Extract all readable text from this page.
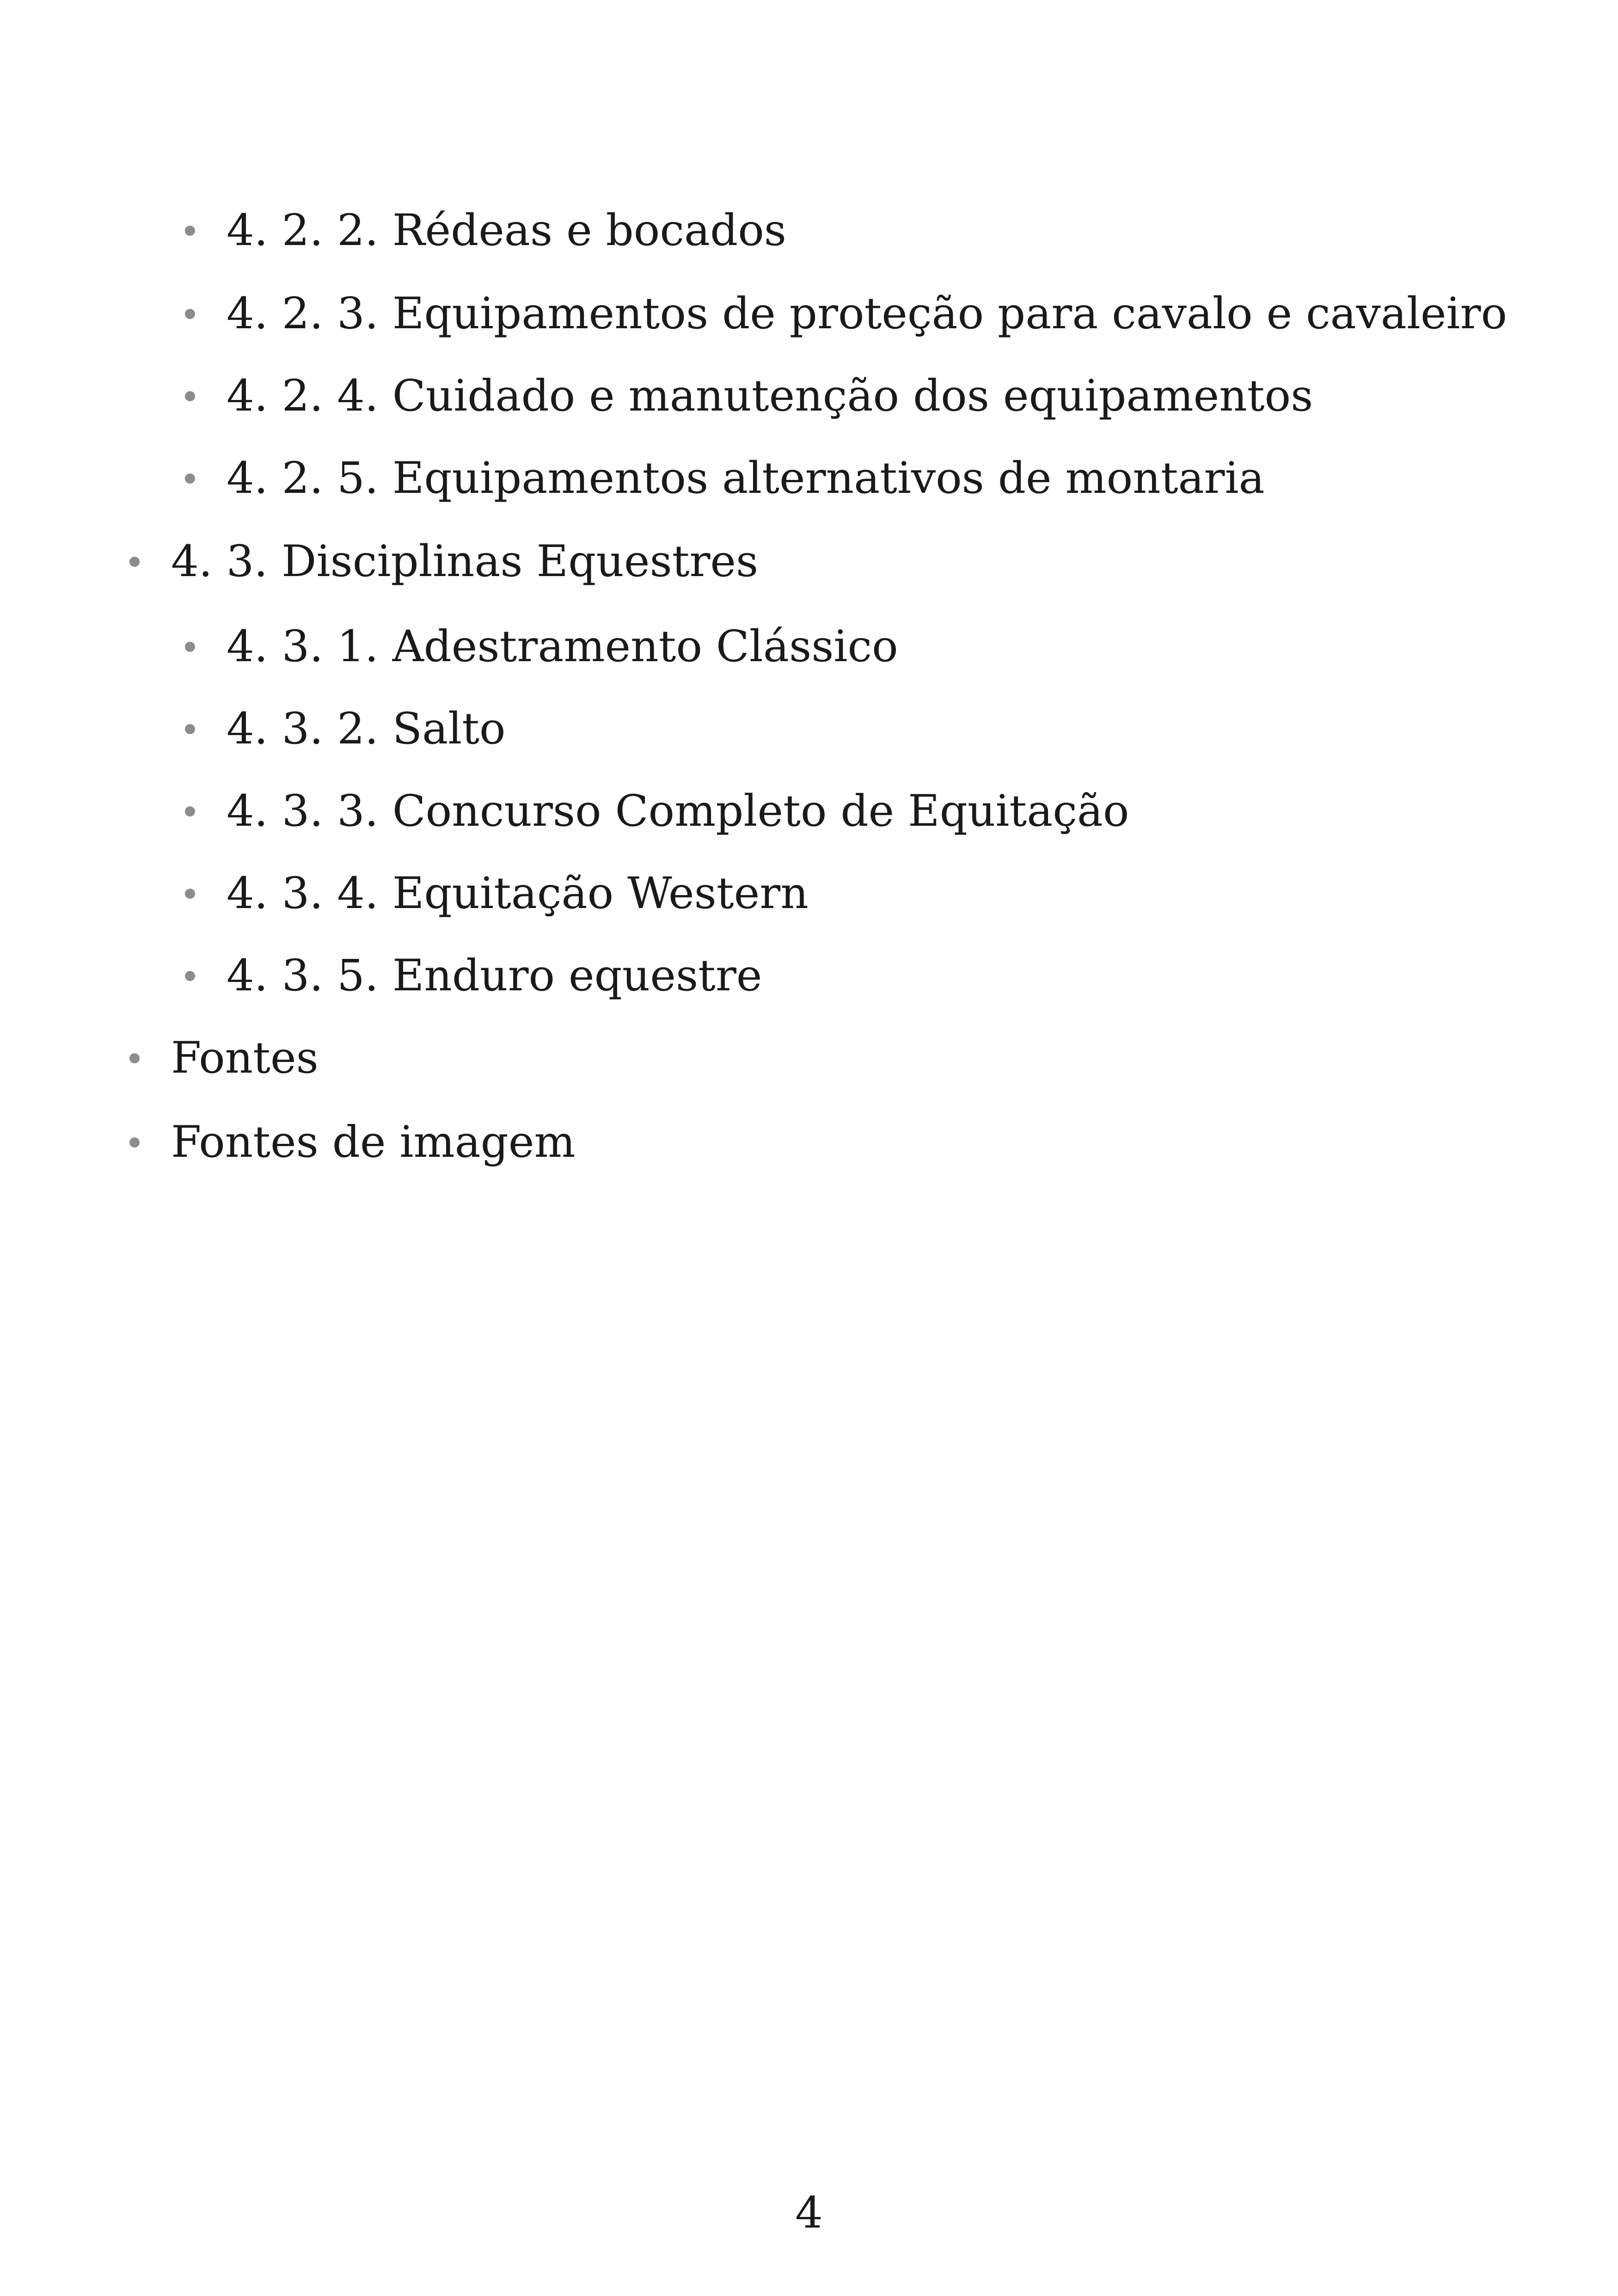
4. 2. 2. Rédeas e bocados
4. 2. 3. Equipamentos de proteção para cavalo e cavaleiro
4. 2. 4. Cuidado e manutenção dos equipamentos
4. 2. 5. Equipamentos alternativos de montaria
4. 3. Disciplinas Equestres
4. 3. 1. Adestramento Clássico
4. 3. 2. Salto
4. 3. 3. Concurso Completo de Equitação
4. 3. 4. Equitação Western
4. 3. 5. Enduro equestre
Fontes
Fontes de imagem
4
